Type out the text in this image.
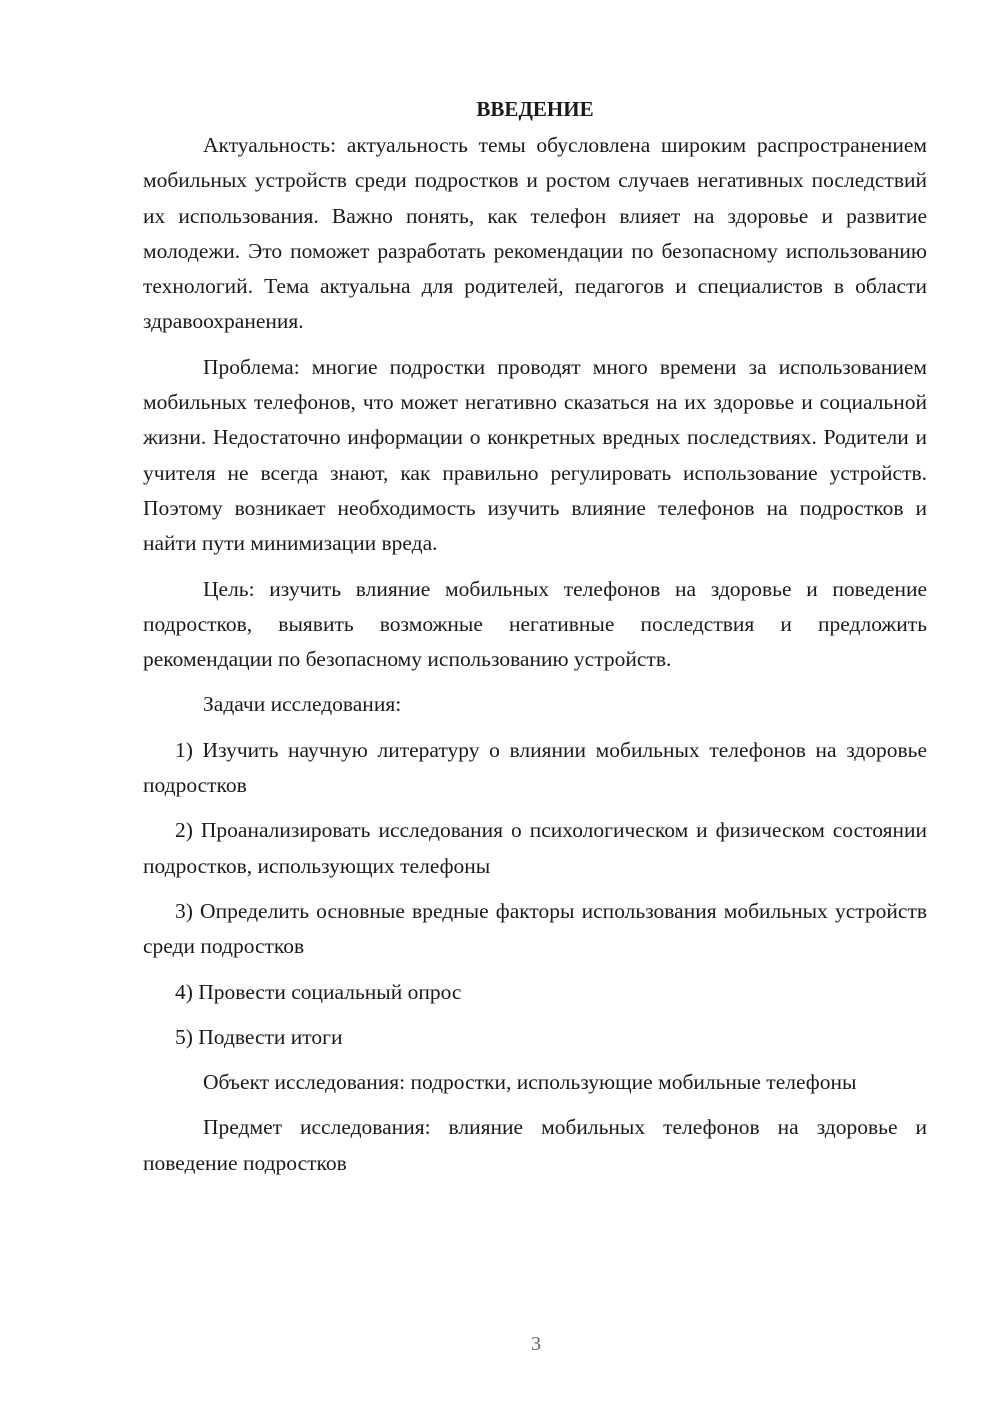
ВВЕДЕНИЕ

Актуальность: актуальность темы обусловлена широким распространением мобильных устройств среди подростков и ростом случаев негативных последствий их использования. Важно понять, как телефон влияет на здоровье и развитие молодежи. Это поможет разработать рекомендации по безопасному использованию технологий. Тема актуальна для родителей, педагогов и специалистов в области здравоохранения.

Проблема: многие подростки проводят много времени за использованием мобильных телефонов, что может негативно сказаться на их здоровье и социальной жизни. Недостаточно информации о конкретных вредных последствиях. Родители и учителя не всегда знают, как правильно регулировать использование устройств. Поэтому возникает необходимость изучить влияние телефонов на подростков и найти пути минимизации вреда.

Цель: изучить влияние мобильных телефонов на здоровье и поведение подростков, выявить возможные негативные последствия и предложить рекомендации по безопасному использованию устройств.

Задачи исследования:

1) Изучить научную литературу о влиянии мобильных телефонов на здоровье подростков

2) Проанализировать исследования о психологическом и физическом состоянии подростков, использующих телефоны

3) Определить основные вредные факторы использования мобильных устройств среди подростков

4) Провести социальный опрос

5) Подвести итоги

Объект исследования: подростки, использующие мобильные телефоны

Предмет исследования: влияние мобильных телефонов на здоровье и поведение подростков

3
